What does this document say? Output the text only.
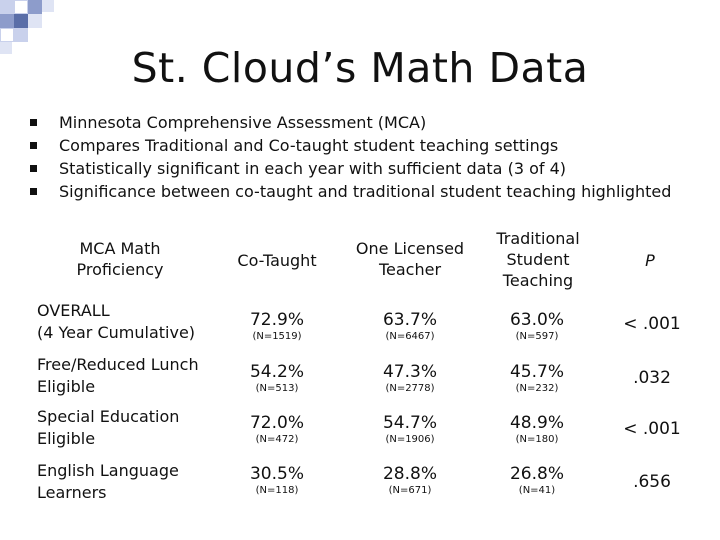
St. Cloud’s Math Data
Minnesota Comprehensive Assessment (MCA)
Compares Traditional and Co-taught student teaching settings
Statistically significant in each year with sufficient data (3 of 4)
Significance between co-taught and traditional student teaching highlighted
MCA Math
Proficiency	Co-Taught
One Licensed
Teacher
Traditional
Student
Teaching
P
OVERALL
(4 Year Cumulative)
72.9%
(N=1519)
63.7%
(N=6467)
63.0%
(N=597)
< .001
Free/Reduced Lunch
Eligible
54.2%
(N=513)
47.3%
(N=2778)
45.7%
(N=232)
.032
Special Education
Eligible
72.0%
(N=472)
54.7%
(N=1906)
48.9%
(N=180)
< .001
English Language
Learners
30.5%
(N=118)
28.8%
(N=671)
26.8%
(N=41)	.656
